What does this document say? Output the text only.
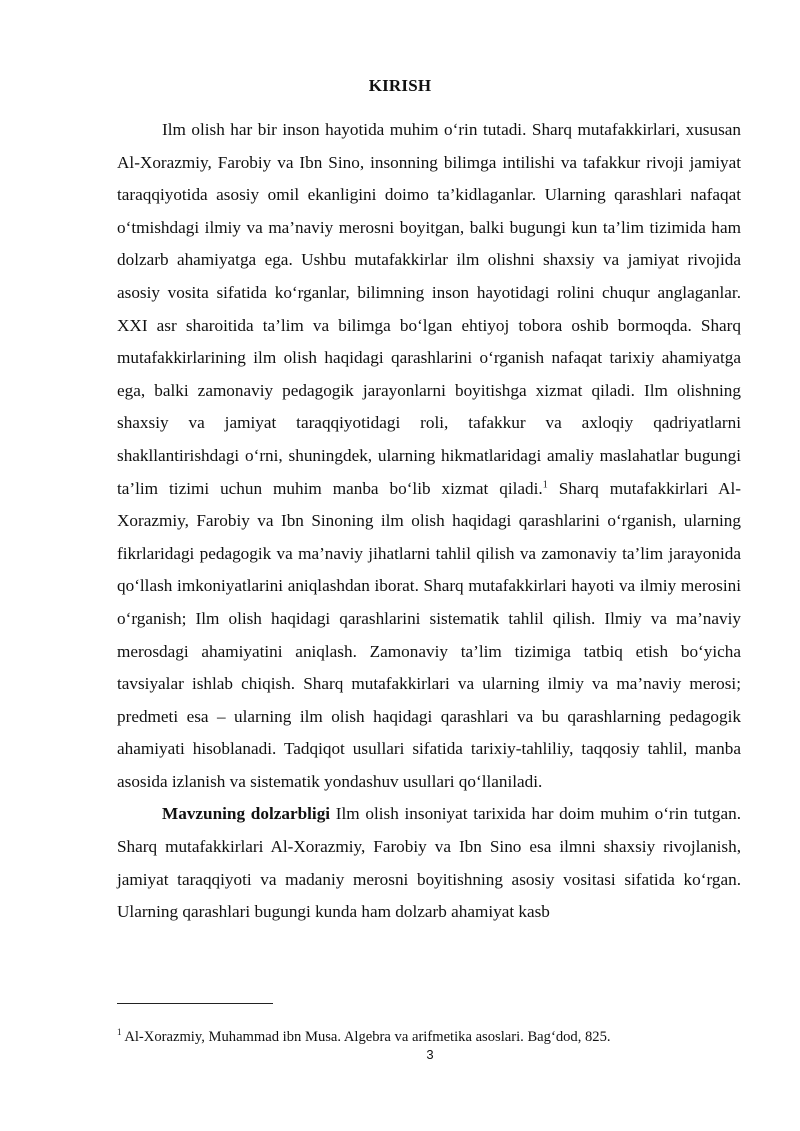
KIRISH

Ilm olish har bir inson hayotida muhim o‘rin tutadi. Sharq mutafakkirlari, xususan Al-Xorazmiy, Farobiy va Ibn Sino, insonning bilimga intilishi va tafakkur rivoji jamiyat taraqqiyotida asosiy omil ekanligini doimo ta’kidlaganlar. Ularning qarashlari nafaqat o‘tmishdagi ilmiy va ma’naviy merosni boyitgan, balki bugungi kun ta’lim tizimida ham dolzarb ahamiyatga ega. Ushbu mutafakkirlar ilm olishni shaxsiy va jamiyat rivojida asosiy vosita sifatida ko‘rganlar, bilimning inson hayotidagi rolini chuqur anglaganlar. XXI asr sharoitida ta’lim va bilimga bo‘lgan ehtiyoj tobora oshib bormoqda. Sharq mutafakkirlarining ilm olish haqidagi qarashlarini o‘rganish nafaqat tarixiy ahamiyatga ega, balki zamonaviy pedagogik jarayonlarni boyitishga xizmat qiladi. Ilm olishning shaxsiy va jamiyat taraqqiyotidagi roli, tafakkur va axloqiy qadriyatlarni shakllantirishdagi o‘rni, shuningdek, ularning hikmatlaridagi amaliy maslahatlar bugungi ta’lim tizimi uchun muhim manba bo‘lib xizmat qiladi.$^1$ Sharq mutafakkirlari Al-Xorazmiy, Farobiy va Ibn Sinoning ilm olish haqidagi qarashlarini o‘rganish, ularning fikrlaridagi pedagogik va ma’naviy jihatlarni tahlil qilish va zamonaviy ta’lim jarayonida qo‘llash imkoniyatlarini aniqlashdan iborat. Sharq mutafakkirlari hayoti va ilmiy merosini o‘rganish; Ilm olish haqidagi qarashlarini sistematik tahlil qilish. Ilmiy va ma’naviy merosdagi ahamiyatini aniqlash. Zamonaviy ta’lim tizimiga tatbiq etish bo‘yicha tavsiyalar ishlab chiqish. Sharq mutafakkirlari va ularning ilmiy va ma’naviy merosi; predmeti esa – ularning ilm olish haqidagi qarashlari va bu qarashlarning pedagogik ahamiyati hisoblanadi. Tadqiqot usullari sifatida tarixiy-tahliliy, taqqosiy tahlil, manba asosida izlanish va sistematik yondashuv usullari qo‘llaniladi.

Mavzuning dolzarbligi Ilm olish insoniyat tarixida har doim muhim o‘rin tutgan. Sharq mutafakkirlari Al-Xorazmiy, Farobiy va Ibn Sino esa ilmni shaxsiy rivojlanish, jamiyat taraqqiyoti va madaniy merosni boyitishning asosiy vositasi sifatida ko‘rgan. Ularning qarashlari bugungi kunda ham dolzarb ahamiyat kasb

$^1$ Al-Xorazmiy, Muhammad ibn Musa. Algebra va arifmetika asoslari. Bag‘dod, 825.
3
